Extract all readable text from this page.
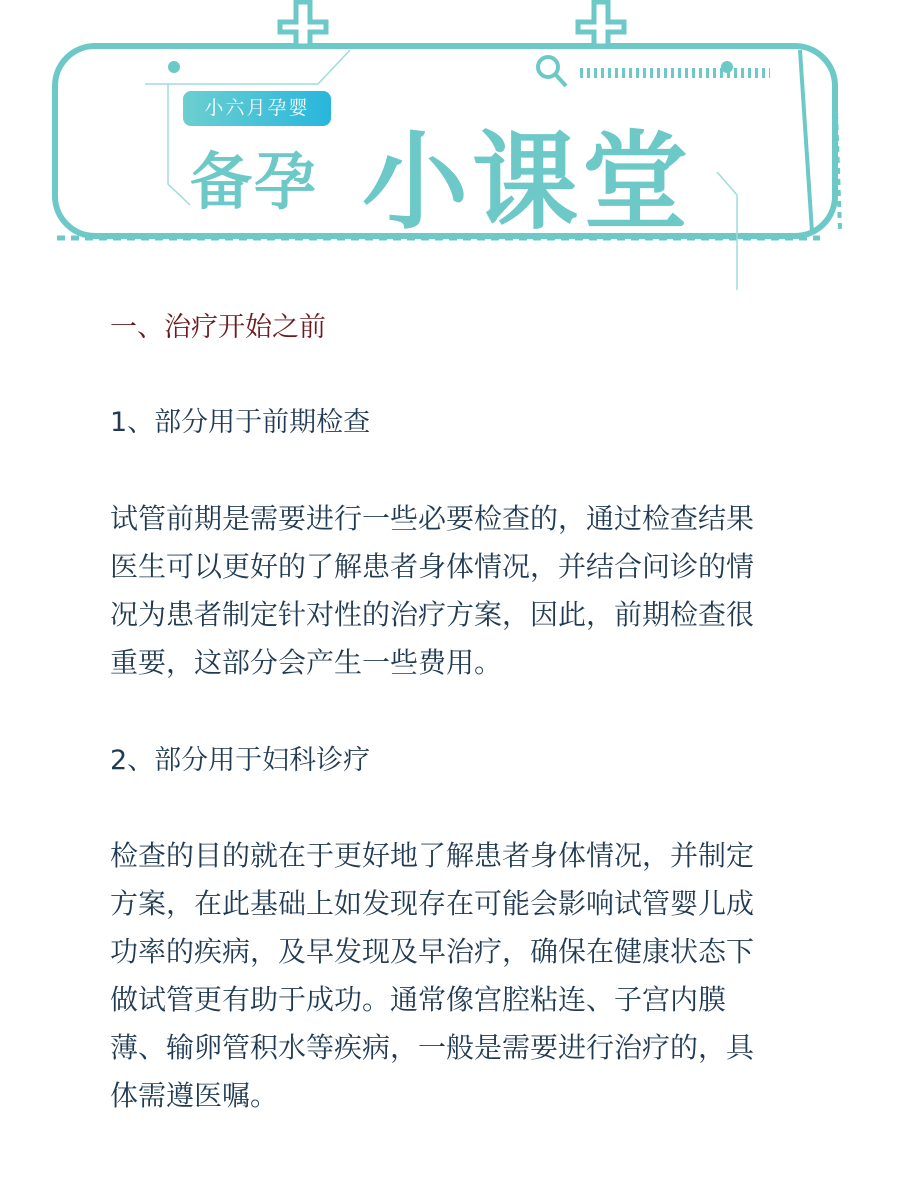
小六月孕婴
备孕 小课堂
一、治疗开始之前
1、部分用于前期检查
试管前期是需要进行一些必要检查的，通过检查结果
医生可以更好的了解患者身体情况，并结合问诊的情
况为患者制定针对性的治疗方案，因此，前期检查很
重要，这部分会产生一些费用。
2、部分用于妇科诊疗
检查的目的就在于更好地了解患者身体情况，并制定
方案，在此基础上如发现存在可能会影响试管婴儿成
功率的疾病，及早发现及早治疗，确保在健康状态下
做试管更有助于成功。通常像宫腔粘连、子宫内膜
薄、输卵管积水等疾病，一般是需要进行治疗的，具
体需遵医嘱。
